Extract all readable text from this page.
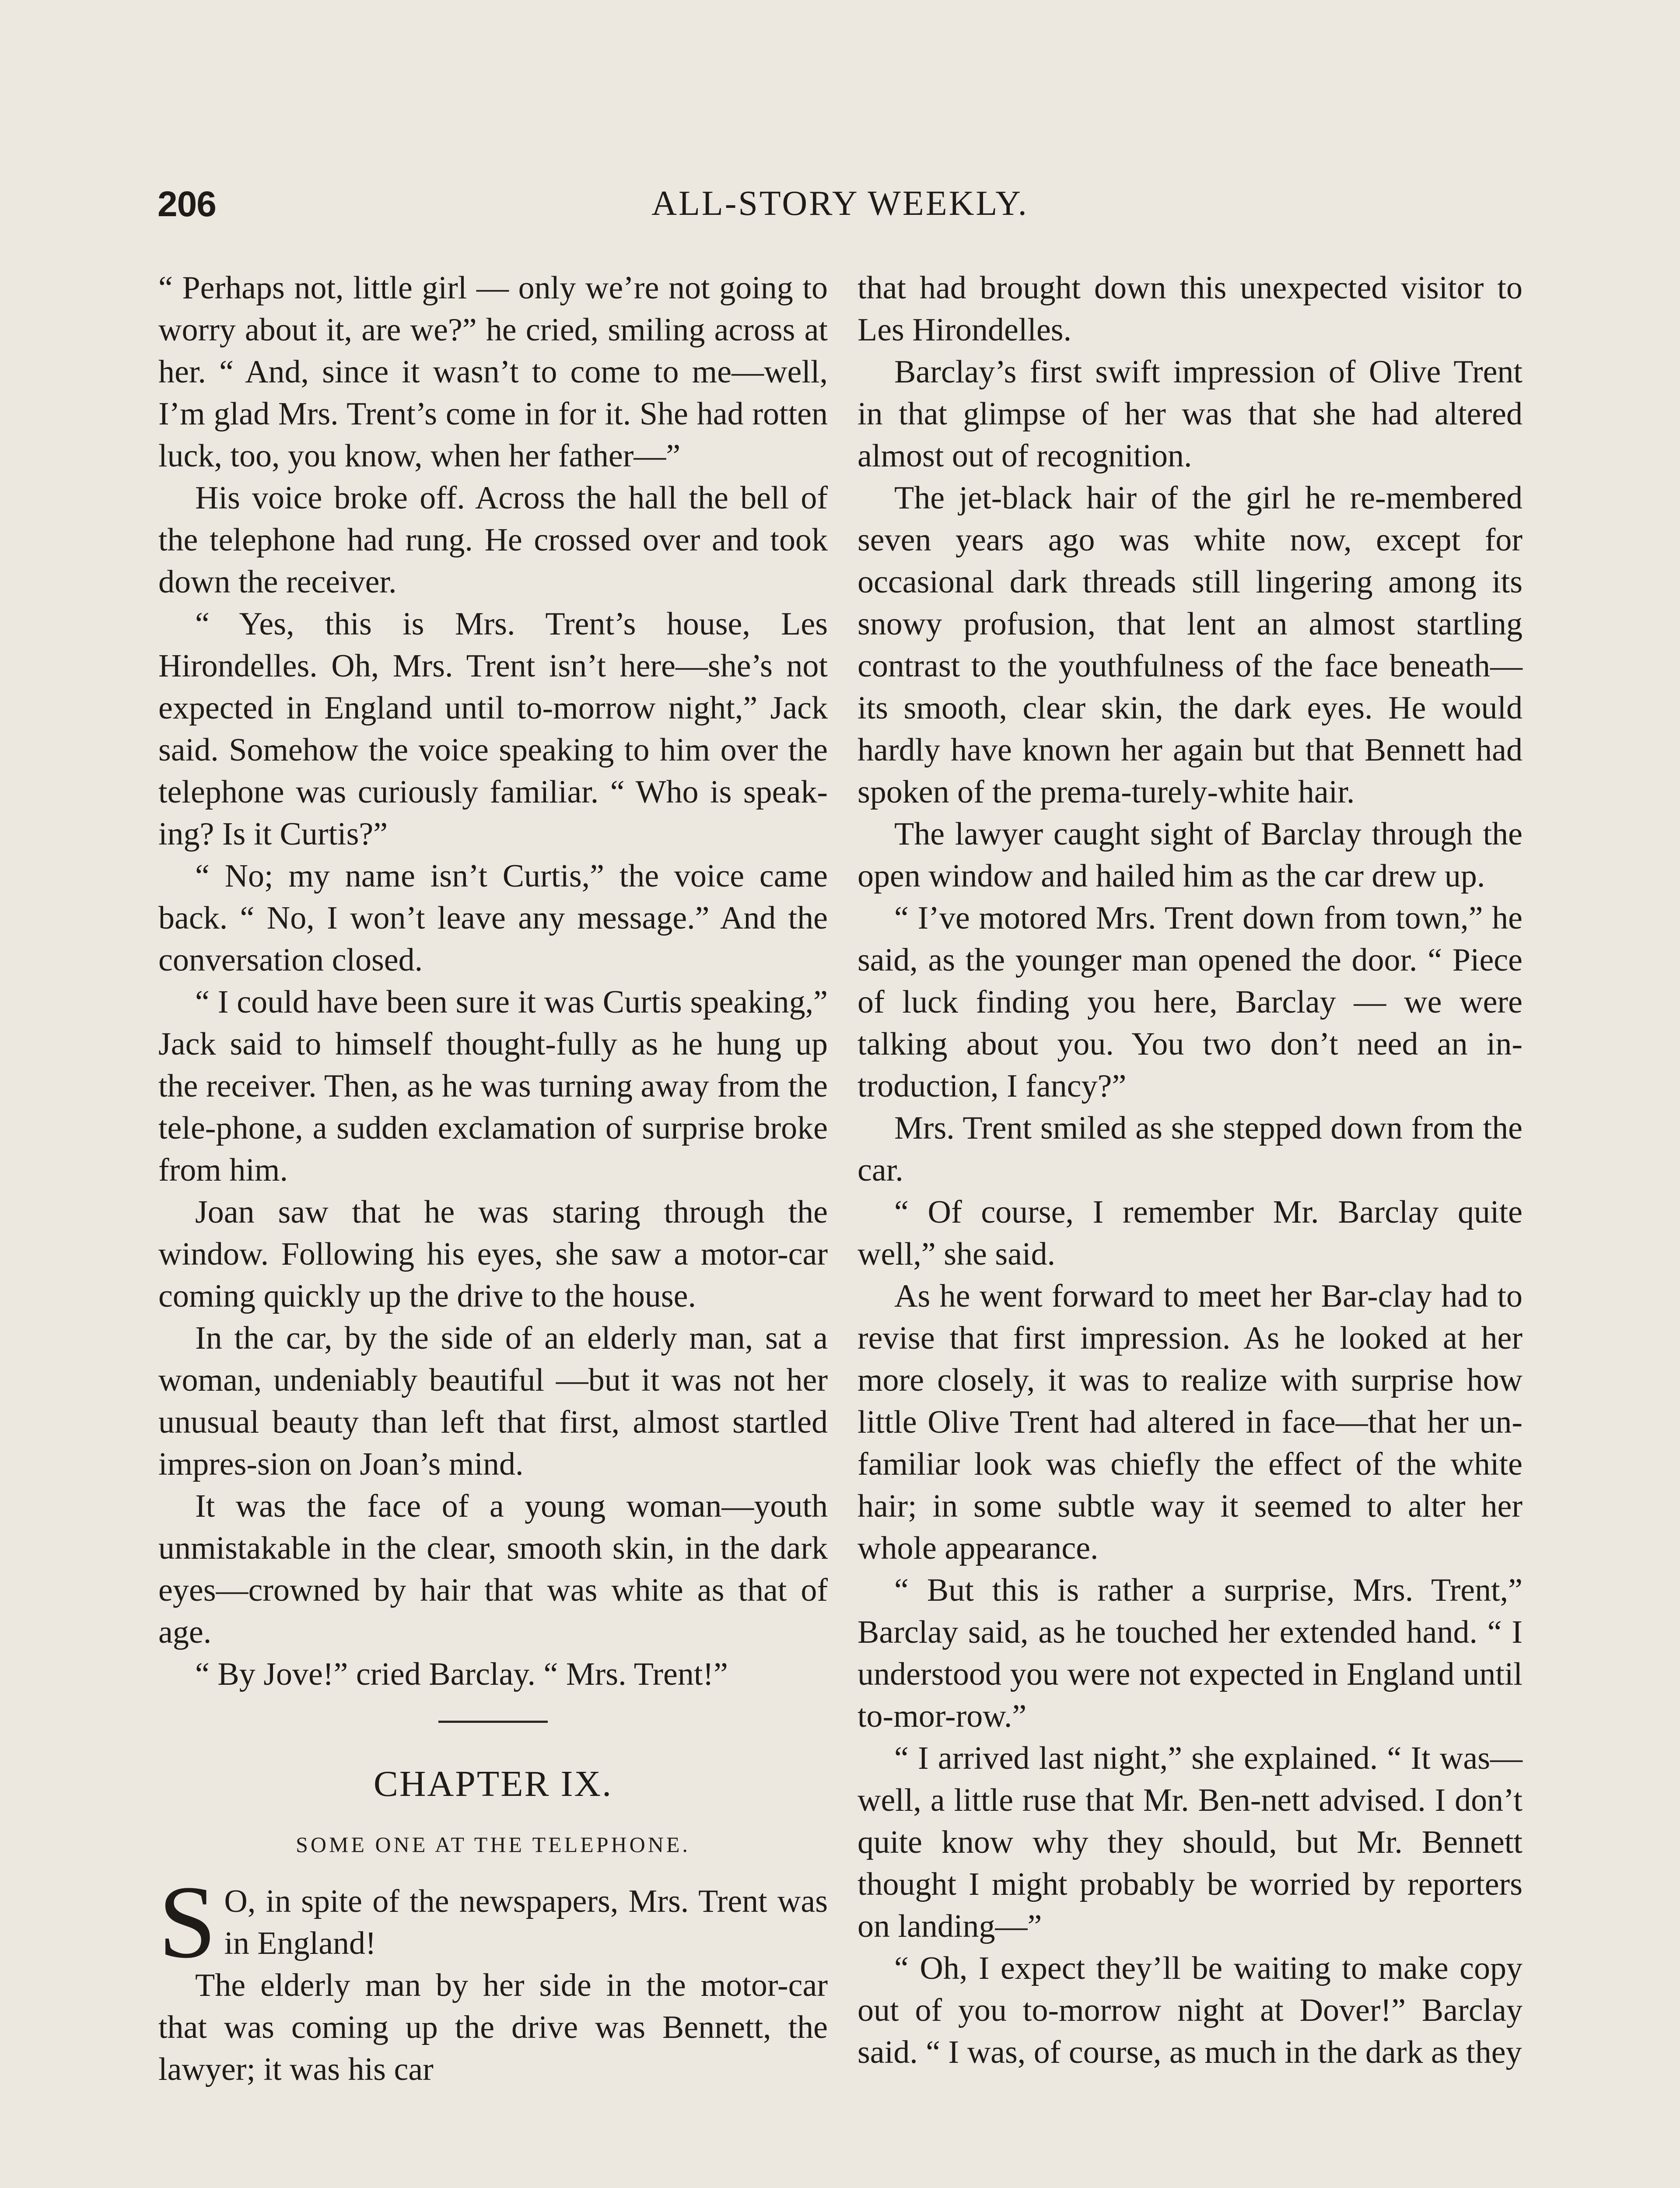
206	ALL-STORY WEEKLY.

“ Perhaps not, little girl — only we’re not going to worry about it, are we?” he cried, smiling across at her. “ And, since it wasn’t to come to me—well, I’m glad Mrs. Trent’s come in for it. She had rotten luck, too, you know, when her father—”

His voice broke off. Across the hall the bell of the telephone had rung. He crossed over and took down the receiver.

“ Yes, this is Mrs. Trent’s house, Les Hirondelles. Oh, Mrs. Trent isn’t here—she’s not expected in England until to-morrow night,” Jack said. Somehow the voice speaking to him over the telephone was curiously familiar. “ Who is speak-ing? Is it Curtis?”

“ No; my name isn’t Curtis,” the voice came back. “ No, I won’t leave any message.” And the conversation closed.

“ I could have been sure it was Curtis speaking,” Jack said to himself thought-fully as he hung up the receiver. Then, as he was turning away from the tele-phone, a sudden exclamation of surprise broke from him.

Joan saw that he was staring through the window. Following his eyes, she saw a motor-car coming quickly up the drive to the house.

In the car, by the side of an elderly man, sat a woman, undeniably beautiful —but it was not her unusual beauty than left that first, almost startled impres-sion on Joan’s mind.

It was the face of a young woman—youth unmistakable in the clear, smooth skin, in the dark eyes—crowned by hair that was white as that of age.

“ By Jove!” cried Barclay. “ Mrs. Trent!”

CHAPTER IX.
SOME ONE AT THE TELEPHONE.

S O, in spite of the newspapers, Mrs. Trent was in England!

The elderly man by her side in the motor-car that was coming up the drive was Bennett, the lawyer; it was his car

that had brought down this unexpected visitor to Les Hirondelles.

Barclay’s first swift impression of Olive Trent in that glimpse of her was that she had altered almost out of recognition.

The jet-black hair of the girl he re-membered seven years ago was white now, except for occasional dark threads still lingering among its snowy profusion, that lent an almost startling contrast to the youthfulness of the face beneath—its smooth, clear skin, the dark eyes. He would hardly have known her again but that Bennett had spoken of the prema-turely-white hair.

The lawyer caught sight of Barclay through the open window and hailed him as the car drew up.

“ I’ve motored Mrs. Trent down from town,” he said, as the younger man opened the door. “ Piece of luck finding you here, Barclay — we were talking about you. You two don’t need an in-troduction, I fancy?”

Mrs. Trent smiled as she stepped down from the car.

“ Of course, I remember Mr. Barclay quite well,” she said.

As he went forward to meet her Bar-clay had to revise that first impression. As he looked at her more closely, it was to realize with surprise how little Olive Trent had altered in face—that her un-familiar look was chiefly the effect of the white hair; in some subtle way it seemed to alter her whole appearance.

“ But this is rather a surprise, Mrs. Trent,” Barclay said, as he touched her extended hand. “ I understood you were not expected in England until to-mor-row.”

“ I arrived last night,” she explained. “ It was—well, a little ruse that Mr. Ben-nett advised. I don’t quite know why they should, but Mr. Bennett thought I might probably be worried by reporters on landing—”

“ Oh, I expect they’ll be waiting to make copy out of you to-morrow night at Dover!” Barclay said. “ I was, of course, as much in the dark as they
